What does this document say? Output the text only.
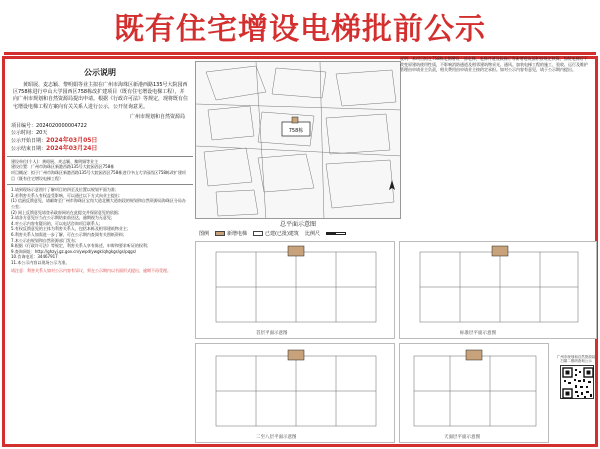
既有住宅增设电梯批前公示
公示说明
黄昭展、麦志颖、黎明娟等业主拟在广州市海珠区新港西路135号大院园西区758栋进行中山大学园西区758栋改扩建项目（既有住宅增设电梯工程），并向广州市规划和自然资源局提出申请。根据《行政许可法》等规定，现将既有住宅增设电梯工程方案向有关关系人进行公示，公开征询意见。
广州市规划和自然资源局
项目编号：2024020000004722
公示时间：20天
公示开始日期：2024年03月05日
公示结束日期：2024年03月24日
建设单位(个人)：黄昭展、麦志颖、黎明娟等业主
建设位置：广州市海珠区新港西路135号大院园西区758栋
项目概况：拟于广州市海珠区新港西路135号大院园西区758栋进行中山大学园西区758栋改扩建项目（既有住宅增设电梯工程）
1.请到现场示意图片了解项目的四至及位置以规划平面为准；
2.若利害关系人有权益受影响，可以通过以下方式向业主提出：
(1) 信函反馈意见，请邮寄至广州市海珠区宝岗大道北侧大道南段的规划和自然资源局海珠区分局办公室；
(2) 网上反馈意见请登录政府网站在此提交并保留意见的依据；
3.请各方意见应当在公示期结束前送达，逾期视为无意见；
4.对公示内容有疑问的，可以电话咨询项目联系人；
5.有权反馈意见的主体为利害关系人，包括本栋及相邻建筑物业主；
6.利害关系人如需进一步了解，可在公示期内查阅有关图纸资料；
7.本公示由规划和自然资源部门发布；
8.根据《行政许可法》等规定，利害关系人享有陈述、申辩和要求听证的权利；
9.查询网址：http://ghzyj.gz.gov.cn/ywpd/ywgk/qhgkgs/gs/pqgs/
10.咨询电话：34467917
11.本公示内容以现场公示为准。
请注意：利害关系人如对公示内容有异议，须在公示期内以书面形式提出，逾期不再受理。
758栋
总平面示意图
图例	新增电梯	已建(已批)建筑 比例尺
首层平面示意图	标准层平面示意图
二至八层平面示意图	天面层平面示意图
说明：本项目拟在758栋北侧增设一部电梯，电梯井道及候梯厅等新增建筑面积按规定核算。加装电梯后不改变原建筑使用性质，不影响消防通道及相邻建筑物采光、通风。加装电梯工程的施工、验收、运行及维护管理由申请业主负责，相关费用由申请业主按约定承担。如对公示内容有意见，请于公示期内提出。
广州市规划和自然资源局 扫描二维码查询公示
